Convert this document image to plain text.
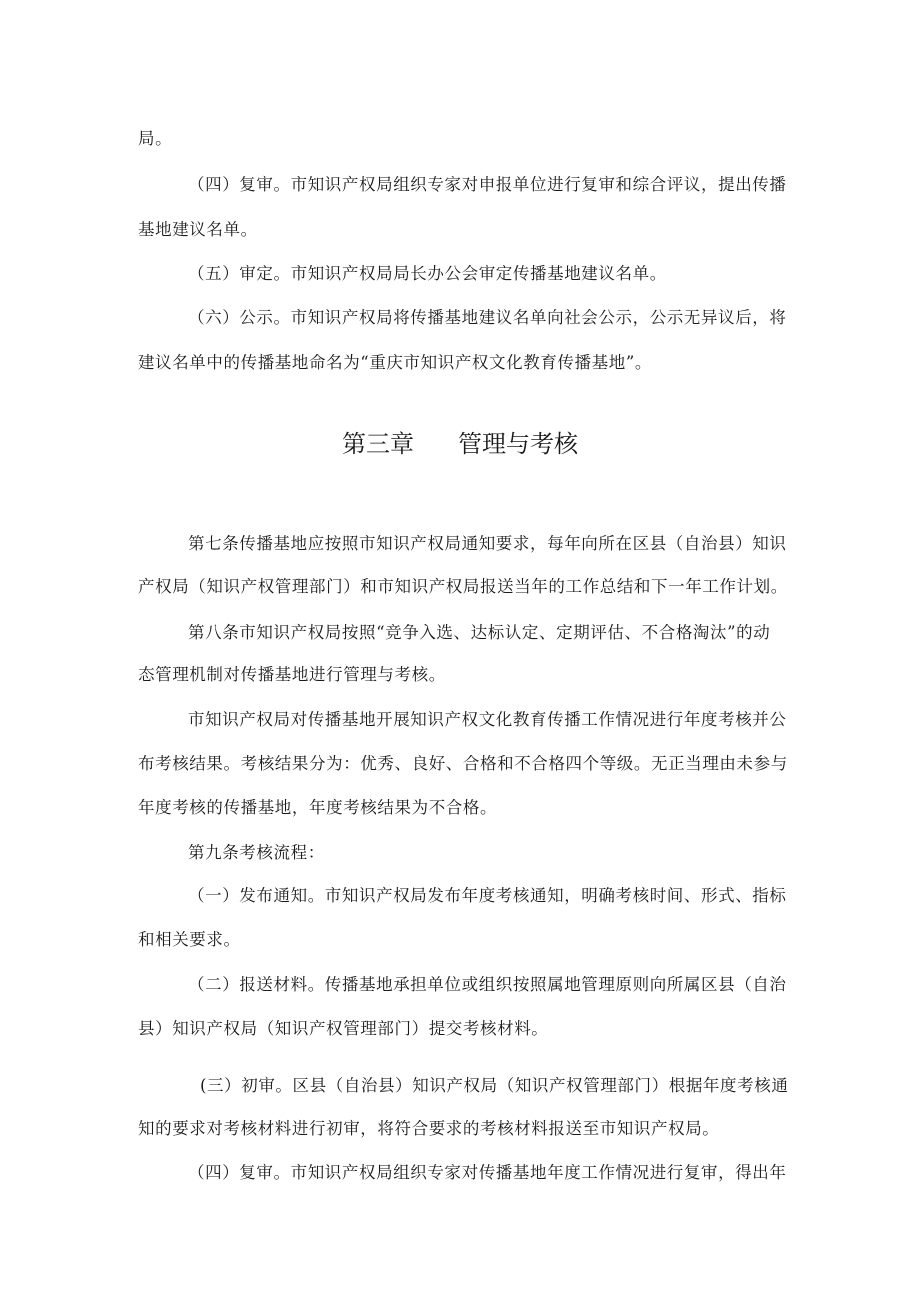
局。

（四）复审。市知识产权局组织专家对申报单位进行复审和综合评议，提出传播

基地建议名单。

（五）审定。市知识产权局局长办公会审定传播基地建议名单。

（六）公示。市知识产权局将传播基地建议名单向社会公示，公示无异议后，将

建议名单中的传播基地命名为“重庆市知识产权文化教育传播基地”。

第三章 管理与考核

第七条传播基地应按照市知识产权局通知要求，每年向所在区县（自治县）知识

产权局（知识产权管理部门）和市知识产权局报送当年的工作总结和下一年工作计划。

第八条市知识产权局按照“竞争入选、达标认定、定期评估、不合格淘汰”的动

态管理机制对传播基地进行管理与考核。

市知识产权局对传播基地开展知识产权文化教育传播工作情况进行年度考核并公

布考核结果。考核结果分为：优秀、良好、合格和不合格四个等级。无正当理由未参与

年度考核的传播基地，年度考核结果为不合格。

第九条考核流程：

（一）发布通知。市知识产权局发布年度考核通知，明确考核时间、形式、指标

和相关要求。

（二）报送材料。传播基地承担单位或组织按照属地管理原则向所属区县（自治

县）知识产权局（知识产权管理部门）提交考核材料。

(三）初审。区县（自治县）知识产权局（知识产权管理部门）根据年度考核通

知的要求对考核材料进行初审，将符合要求的考核材料报送至市知识产权局。

（四）复审。市知识产权局组织专家对传播基地年度工作情况进行复审，得出年
